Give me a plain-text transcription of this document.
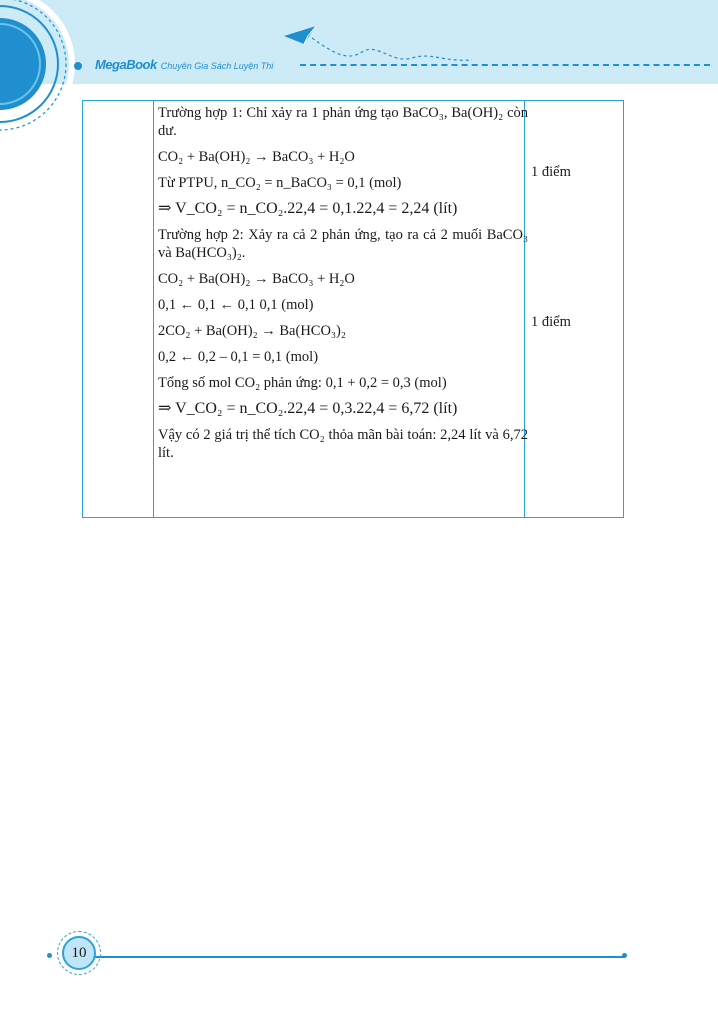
MegaBook Chuyên Gia Sách Luyện Thi

Trường hợp 1: Chỉ xảy ra 1 phản ứng tạo BaCO₃, Ba(OH)₂ còn dư.

CO₂ + Ba(OH)₂ → BaCO₃ + H₂O

Từ PTPU, n_CO₂ = n_BaCO₃ = 0,1 (mol)

⇒ V_CO₂ = n_CO₂.22,4 = 0,1.22,4 = 2,24 (lít)

Trường hợp 2: Xảy ra cả 2 phản ứng, tạo ra cả 2 muối BaCO₃ và Ba(HCO₃)₂.

CO₂ + Ba(OH)₂ → BaCO₃ + H₂O

0,1 ← 0,1 ← 0,1 0,1 (mol)

2CO₂ + Ba(OH)₂ → Ba(HCO₃)₂

0,2 ← 0,2 – 0,1 = 0,1 (mol)

Tổng số mol CO₂ phản ứng: 0,1 + 0,2 = 0,3 (mol)

⇒ V_CO₂ = n_CO₂.22,4 = 0,3.22,4 = 6,72 (lít)

Vậy có 2 giá trị thể tích CO₂ thỏa mãn bài toán: 2,24 lít và 6,72 lít.

1 điểm
1 điểm
10
